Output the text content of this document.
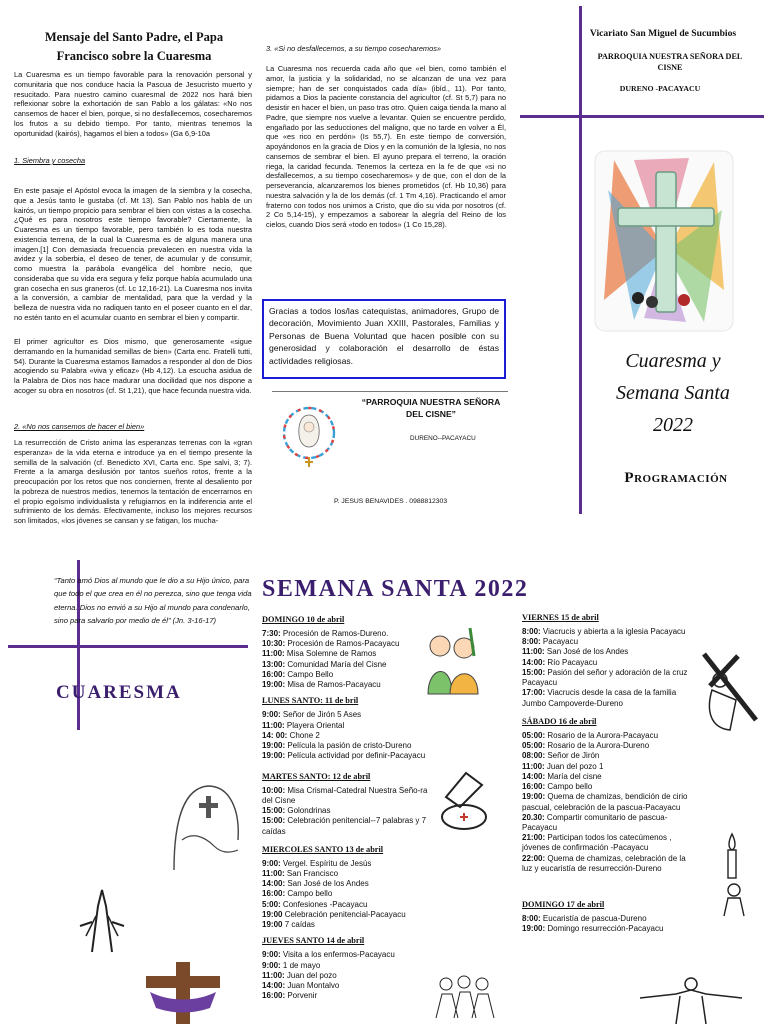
Mensaje del Santo Padre, el Papa
Francisco sobre la Cuaresma
La Cuaresma es un tiempo favorable para la renovación personal y comunitaria que nos conduce hacia la Pascua de Jesucristo muerto y resucitado. Para nuestro camino cuaresmal de 2022 nos hará bien reflexionar sobre la exhortación de san Pablo a los gálatas: «No nos cansemos de hacer el bien, porque, si no desfallecemos, cosecharemos los frutos a su debido tiempo. Por tanto, mientras tenemos la oportunidad (kairós), hagamos el bien a todos» (Ga 6,9-10a
1. Siembra y cosecha
En este pasaje el Apóstol evoca la imagen de la siembra y la cosecha, que a Jesús tanto le gustaba (cf. Mt 13). San Pablo nos habla de un kairós, un tiempo propicio para sembrar el bien con vistas a la cosecha. ¿Qué es para nosotros este tiempo favorable? Ciertamente, la Cuaresma es un tiempo favorable, pero también lo es toda nuestra existencia terrena, de la cual la Cuaresma es de alguna manera una imagen.[1] Con demasiada frecuencia prevalecen en nuestra vida la avidez y la soberbia, el deseo de tener, de acumular y de consumir, como muestra la parábola evangélica del hombre necio, que consideraba que su vida era segura y feliz porque había acumulado una gran cosecha en sus graneros (cf. Lc 12,16-21). La Cuaresma nos invita a la conversión, a cambiar de mentalidad, para que la verdad y la belleza de nuestra vida no radiquen tanto en el poseer cuanto en el dar, no estén tanto en el acumular cuanto en sembrar el bien y compartir.
El primer agricultor es Dios mismo, que generosamente «sigue derramando en la humanidad semillas de bien» (Carta enc. Fratelli tutti, 54). Durante la Cuaresma estamos llamados a responder al don de Dios acogiendo su Palabra «viva y eficaz» (Hb 4,12). La escucha asidua de la Palabra de Dios nos hace madurar una docilidad que nos dispone a acoger su obra en nosotros (cf. St 1,21), que hace fecunda nuestra vida.
2. «No nos cansemos de hacer el bien»
La resurrección de Cristo anima las esperanzas terrenas con la «gran esperanza» de la vida eterna e introduce ya en el tiempo presente la semilla de la salvación (cf. Benedicto XVI, Carta enc. Spe salvi, 3; 7). Frente a la amarga desilusión por tantos sueños rotos, frente a la preocupación por los retos que nos conciernen, frente al desaliento por la pobreza de nuestros medios, tenemos la tentación de encerrarnos en el propio egoísmo individualista y refugiarnos en la indiferencia ante el sufrimiento de los demás. Efectivamente, incluso los mejores recursos son limitados, «los jóvenes se cansan y se fatigan, los mucha-
3. «Si no desfallecemos, a su tiempo cosecharemos»
La Cuaresma nos recuerda cada año que «el bien, como también el amor, la justicia y la solidaridad, no se alcanzan de una vez para siempre; han de ser conquistados cada día» (ibíd., 11). Por tanto, pidamos a Dios la paciente constancia del agricultor (cf. St 5,7) para no desistir en hacer el bien, un paso tras otro. Quien caiga tienda la mano al Padre, que siempre nos vuelve a levantar. Quien se encuentre perdido, engañado por las seducciones del maligno, que no tarde en volver a Él, que «es rico en perdón» (Is 55,7). En este tiempo de conversión, apoyándonos en la gracia de Dios y en la comunión de la Iglesia, no nos cansemos de sembrar el bien. El ayuno prepara el terreno, la oración riega, la caridad fecunda. Tenemos la certeza en la fe de que «si no desfallecemos, a su tiempo cosecharemos» y de que, con el don de la perseverancia, alcanzaremos los bienes prometidos (cf. Hb 10,36) para nuestra salvación y la de los demás (cf. 1 Tm 4,16). Practicando el amor fraterno con todos nos unimos a Cristo, que dio su vida por nosotros (cf. 2 Co 5,14-15), y empezamos a saborear la alegría del Reino de los cielos, cuando Dios será «todo en todos» (1 Co 15,28).
Gracias a todos los/las catequistas, animadores, Grupo de decoración, Movimiento Juan XXIII, Pastorales, Familias y Personas de Buena Voluntad que hacen posible con su generosidad y colaboración el desarrollo de éstas actividades religiosas.
“PARROQUIA NUESTRA SEÑORA DEL CISNE”
DURENO--PACAYACU
P. JESUS BENAVIDES . 0988812303
Vicariato San Miguel de Sucumbios
PARROQUIA NUESTRA SEÑORA DEL CISNE
DURENO -PACAYACU
Cuaresma y
Semana Santa
2022
Programación
“Tanto amó Dios al mundo que le dio a su Hijo único, para que todo el que crea en él no perezca, sino que tenga vida eterna. Dios no envió a su Hijo al mundo para condenarlo, sino para salvarlo por medio de él” (Jn. 3-16-17)
CUARESMA
SEMANA SANTA 2022
DOMINGO 10 de abril
7:30: Procesión de Ramos-Dureno.
10:30: Procesión de Ramos-Pacayacu
11:00: Misa Solemne de Ramos
13:00: Comunidad María del Cisne
16:00: Campo Bello
19:00: Misa de Ramos-Pacayacu
LUNES SANTO: 11 de bril
9:00: Señor de Jirón 5 Ases
11:00: Playera Oriental
14: 00: Chone 2
19:00: Película la pasión de cristo-Dureno
19:00: Película actividad por definir-Pacayacu
MARTES SANTO: 12 de abril
10:00: Misa Crismal-Catedral Nuestra Seño-ra del Cisne
15:00: Golondrinas
15:00: Celebración penitencial--7 palabras y 7 caídas
MIERCOLES SANTO 13 de abril
9:00: Vergel. Espíritu de Jesús
11:00: San Francisco
14:00: San José de los Andes
16:00: Campo bello
5:00: Confesiones -Pacayacu
19:00 Celebración penitencial-Pacayacu
19:00 7 caídas
JUEVES SANTO 14 de abril
9:00: Visita a los enfermos-Pacayacu
9:00: 1 de mayo
11:00: Juan del pozo
14:00: Juan Montalvo
16:00: Porvenir
VIERNES 15 de abril
8:00: Viacrucis y abierta a la iglesia Pacayacu
8:00: Pacayacu
11:00: San José de los Andes
14:00: Río Pacayacu
15:00: Pasión del señor y adoración de la cruz Pacayacu
17:00: Viacrucis desde la casa de la familia Jumbo Campoverde-Dureno
SÁBADO 16 de abril
05:00: Rosario de la Aurora-Pacayacu
05:00: Rosario de la Aurora-Dureno
08:00: Señor de Jirón
11:00: Juan del pozo 1
14:00: María del cisne
16:00: Campo bello
19:00: Quema de chamizas, bendición de cirio pascual, celebración de la pascua-Pacayacu
20.30: Compartir comunitario de pascua-Pacayacu
21:00: Participan todos los catecúmenos , jóvenes de confirmación -Pacayacu
22:00: Quema de chamizas, celebración de la luz y eucaristía de resurrección-Dureno
DOMINGO 17 de abril
8:00: Eucaristía de pascua-Dureno
19:00: Domingo resurrección-Pacayacu
